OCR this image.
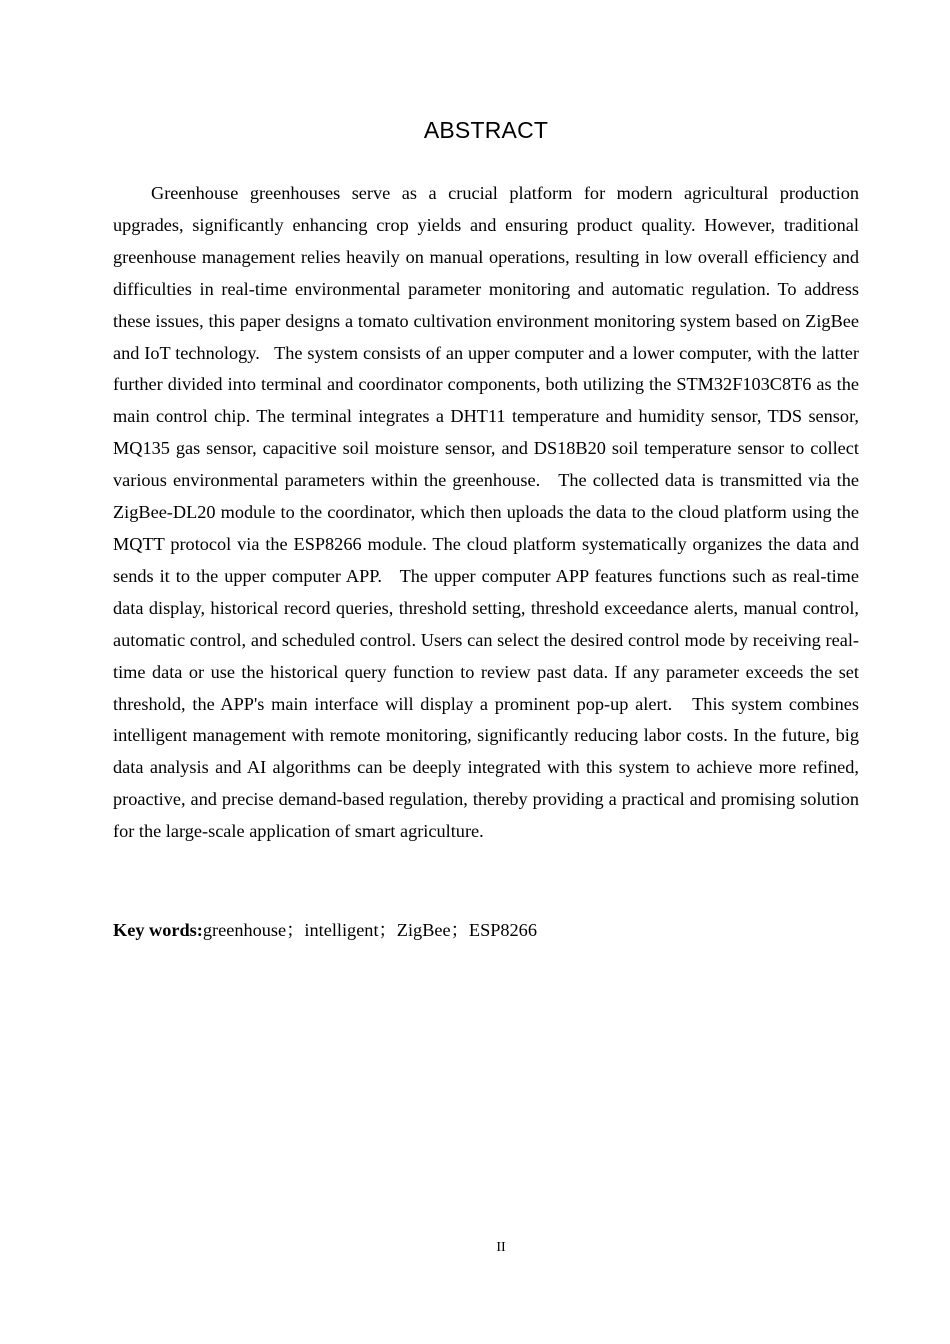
ABSTRACT

Greenhouse greenhouses serve as a crucial platform for modern agricultural production upgrades, significantly enhancing crop yields and ensuring product quality. However, traditional greenhouse management relies heavily on manual operations, resulting in low overall efficiency and difficulties in real-time environmental parameter monitoring and automatic regulation. To address these issues, this paper designs a tomato cultivation environment monitoring system based on ZigBee and IoT technology.   The system consists of an upper computer and a lower computer, with the latter further divided into terminal and coordinator components, both utilizing the STM32F103C8T6 as the main control chip. The terminal integrates a DHT11 temperature and humidity sensor, TDS sensor, MQ135 gas sensor, capacitive soil moisture sensor, and DS18B20 soil temperature sensor to collect various environmental parameters within the greenhouse.   The collected data is transmitted via the ZigBee-DL20 module to the coordinator, which then uploads the data to the cloud platform using the MQTT protocol via the ESP8266 module. The cloud platform systematically organizes the data and sends it to the upper computer APP.   The upper computer APP features functions such as real-time data display, historical record queries, threshold setting, threshold exceedance alerts, manual control, automatic control, and scheduled control. Users can select the desired control mode by receiving real-time data or use the historical query function to review past data. If any parameter exceeds the set threshold, the APP's main interface will display a prominent pop-up alert.   This system combines intelligent management with remote monitoring, significantly reducing labor costs. In the future, big data analysis and AI algorithms can be deeply integrated with this system to achieve more refined, proactive, and precise demand-based regulation, thereby providing a practical and promising solution for the large-scale application of smart agriculture.

Key words:greenhouse；intelligent；ZigBee；ESP8266
II
